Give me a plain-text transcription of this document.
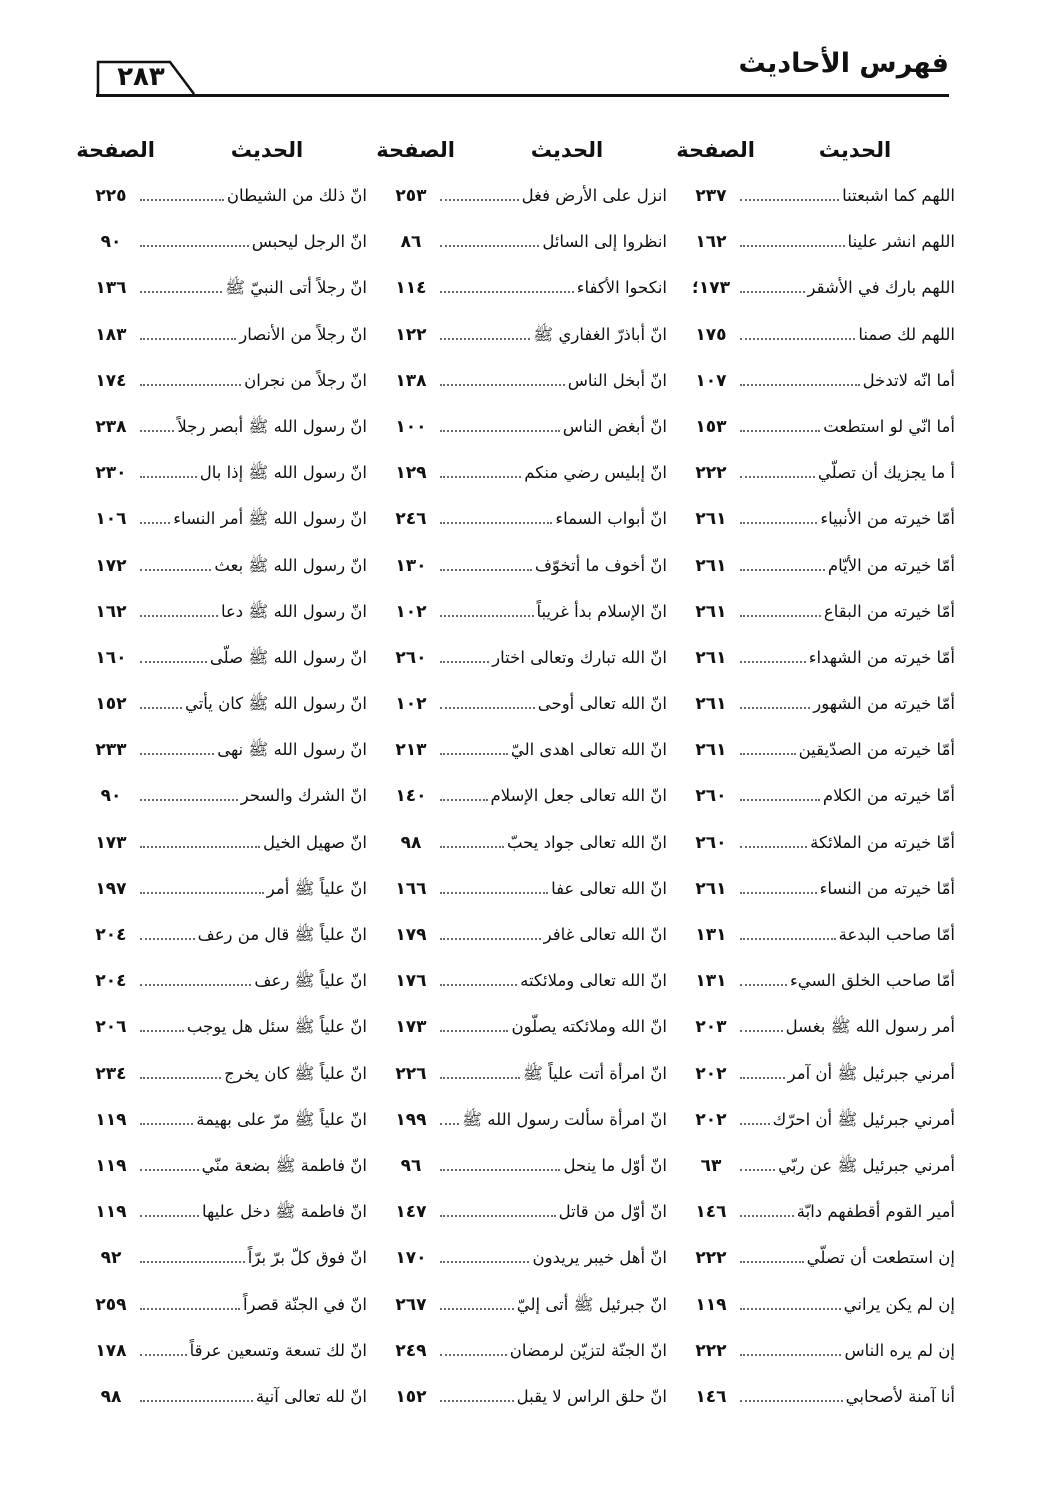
فهرس الأحاديث
٢٨٣
الحديث
الصفحة
اللهم كما اشبعتنا
٢٣٧
اللهم انشر علينا
١٦٢
اللهم بارك في الأشقر
١٧٣؛
اللهم لك صمنا
١٧٥
أما انّه لاتدخل
١٠٧
أما انّي لو استطعت
١٥٣
أ ما يجزيك أن تصلّي
٢٢٢
أمّا خيرته من الأنبياء
٢٦١
أمّا خيرته من الأيّام
٢٦١
أمّا خيرته من البقاع
٢٦١
أمّا خيرته من الشهداء
٢٦١
أمّا خيرته من الشهور
٢٦١
أمّا خيرته من الصدّيقين
٢٦١
أمّا خيرته من الكلام
٢٦٠
أمّا خيرته من الملائكة
٢٦٠
أمّا خيرته من النساء
٢٦١
أمّا صاحب البدعة
١٣١
أمّا صاحب الخلق السيء
١٣١
أمر رسول الله ﷺ بغسل
٢٠٣
أمرني جبرئيل ﷺ أن آمر
٢٠٢
أمرني جبرئيل ﷺ أن احرّك
٢٠٢
أمرني جبرئيل ﷺ عن ربّي
٦٣
أمير القوم أقطفهم دابّة
١٤٦
إن استطعت أن تصلّي
٢٢٢
إن لم يكن يراني
١١٩
إن لم يره الناس
٢٢٢
أنا آمنة لأصحابي
١٤٦
الحديث
الصفحة
انزل على الأرض فغل
٢٥٣
انظروا إلى السائل
٨٦
انكحوا الأكفاء
١١٤
انّ أباذرّ الغفاري ﷺ
١٢٢
انّ أبخل الناس
١٣٨
انّ أبغض الناس
١٠٠
انّ إبليس رضي منكم
١٢٩
انّ أبواب السماء
٢٤٦
انّ أخوف ما أتخوّف
١٣٠
انّ الإسلام بدأ غريباً
١٠٢
انّ الله تبارك وتعالى اختار
٢٦٠
انّ الله تعالى أوحى
١٠٢
انّ الله تعالى اهدى اليّ
٢١٣
انّ الله تعالى جعل الإسلام
١٤٠
انّ الله تعالى جواد يحبّ
٩٨
انّ الله تعالى عفا
١٦٦
انّ الله تعالى غافر
١٧٩
انّ الله تعالى وملائكته
١٧٦
انّ الله وملائكته يصلّون
١٧٣
انّ امرأة أتت علياً ﷺ
٢٢٦
انّ امرأة سألت رسول الله ﷺ
١٩٩
انّ أوّل ما ينحل
٩٦
انّ أوّل من قاتل
١٤٧
انّ أهل خيبر يريدون
١٧٠
انّ جبرئيل ﷺ أتى إليّ
٢٦٧
انّ الجنّة لتزيّن لرمضان
٢٤٩
انّ حلق الراس لا يقبل
١٥٢
الحديث
الصفحة
انّ ذلك من الشيطان
٢٢٥
انّ الرجل ليحبس
٩٠
انّ رجلاً أتى النبيّ ﷺ
١٣٦
انّ رجلاً من الأنصار
١٨٣
انّ رجلاً من نجران
١٧٤
انّ رسول الله ﷺ أبصر رجلاً
٢٣٨
انّ رسول الله ﷺ إذا بال
٢٣٠
انّ رسول الله ﷺ أمر النساء
١٠٦
انّ رسول الله ﷺ بعث
١٧٢
انّ رسول الله ﷺ دعا
١٦٢
انّ رسول الله ﷺ صلّى
١٦٠
انّ رسول الله ﷺ كان يأتي
١٥٢
انّ رسول الله ﷺ نهى
٢٣٣
انّ الشرك والسحر
٩٠
انّ صهيل الخيل
١٧٣
انّ علياً ﷺ أمر
١٩٧
انّ علياً ﷺ قال من رعف
٢٠٤
انّ علياً ﷺ رعف
٢٠٤
انّ علياً ﷺ سئل هل يوجب
٢٠٦
انّ علياً ﷺ كان يخرج
٢٣٤
انّ علياً ﷺ مرّ على بهيمة
١١٩
انّ فاطمة ﷺ بضعة منّي
١١٩
انّ فاطمة ﷺ دخل عليها
١١٩
انّ فوق كلّ برّ برّاً
٩٢
انّ في الجنّة قصراً
٢٥٩
انّ لك تسعة وتسعين عرقاً
١٧٨
انّ لله تعالى آنية
٩٨
